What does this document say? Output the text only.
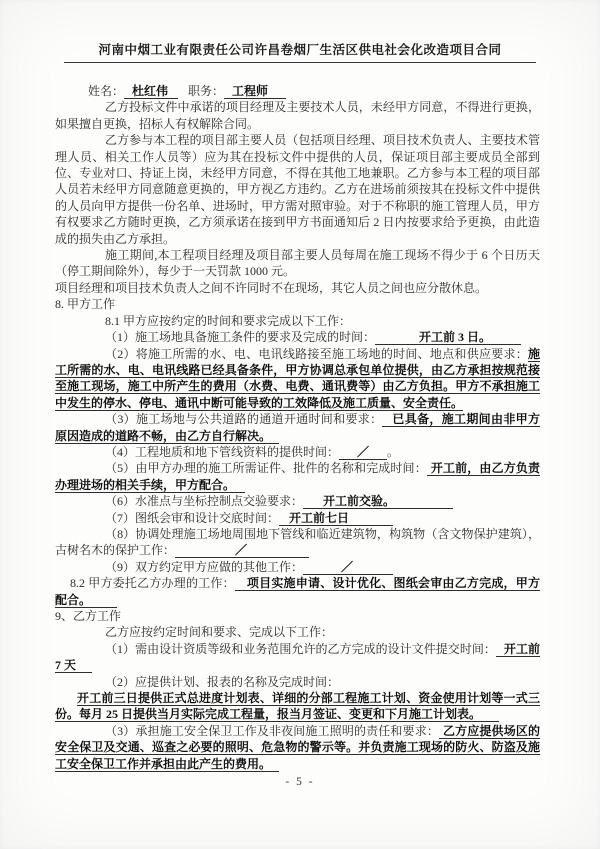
河南中烟工业有限责任公司许昌卷烟厂生活区供电社会化改造项目合同

姓名： 杜红伟 职务： 工程师

乙方投标文件中承诺的项目经理及主要技术人员，未经甲方同意，不得进行更换，如果擅自更换，招标人有权解除合同。

乙方参与本工程的项目部主要人员（包括项目经理、项目技术负责人、主要技术管理人员、相关工作人员等）应为其在投标文件中提供的人员，保证项目部主要成员全部到位、专业对口、持证上岗，未经甲方同意，不得在其他工地兼职。乙方参与本工程的项目部人员若未经甲方同意随意更换的，甲方视乙方违约。乙方在进场前须按其在投标文件中提供的人员向甲方提供一份名单、进场时，甲方需对照审验。对于不称职的施工管理人员，甲方有权要求乙方随时更换，乙方须承诺在接到甲方书面通知后 2 日内按要求给予更换，由此造成的损失由乙方承担。

施工期间,本工程项目经理及项目部主要人员每周在施工现场不得少于 6 个日历天（停工期间除外），每少于一天罚款 1000 元。

项目经理和项目技术负责人之间不许同时不在现场，其它人员之间也应分散休息。

8. 甲方工作

8.1 甲方应按约定的时间和要求完成以下工作：

（1）施工场地具备施工条件的要求及完成的时间：	开工前 3 日。

（2）将施工所需的水、电、电讯线路接至施工场地的时间、地点和供应要求：施工所需的水、电、电讯线路已经具备条件，甲方协调总承包单位提供，由乙方承担按规范接至施工现场，施工中所产生的费用（水费、电费、通讯费等）由乙方负担。甲方不承担施工中发生的停水、停电、通讯中断可能导致的工效降低及施工质量、安全责任。

（3）施工场地与公共道路的通道开通时间和要求： 已具备，施工期间由非甲方原因造成的道路不畅，由乙方自行解决。

（4）工程地质和地下管线资料的提供时间： ／ 。

（5）由甲方办理的施工所需证件、批件的名称和完成时间： 开工前，由乙方负责办理进场的相关手续，甲方配合。

（6）水准点与坐标控制点交验要求： 开工前交验。

（7）图纸会审和设计交底时间： 开工前七日

（8）协调处理施工场地周围地下管线和临近建筑物，构筑物（含文物保护建筑），古树名木的保护工作：	／

（9）双方约定甲方应做的其他工作：	／

8.2 甲方委托乙方办理的工作： 项目实施申请、设计优化、图纸会审由乙方完成，甲方配合。

9、乙方工作

乙方应按约定时间和要求、完成以下工作：

（1）需由设计资质等级和业务范围允许的乙方完成的设计文件提交时间： 开工前 7 天

（2）应提供计划、报表的名称及完成时间：

开工前三日提供正式总进度计划表、详细的分部工程施工计划、资金使用计划等一式三份。每月 25 日提供当月实际完成工程量，报当月签证、变更和下月施工计划表。

（3）承担施工安全保卫工作及非夜间施工照明的责任和要求： 乙方应提供场区的安全保卫及交通、巡查之必要的照明、危急物的警示等。并负责施工现场的防火、防盗及施工安全保卫工作并承担由此产生的费用。

- 5 -
